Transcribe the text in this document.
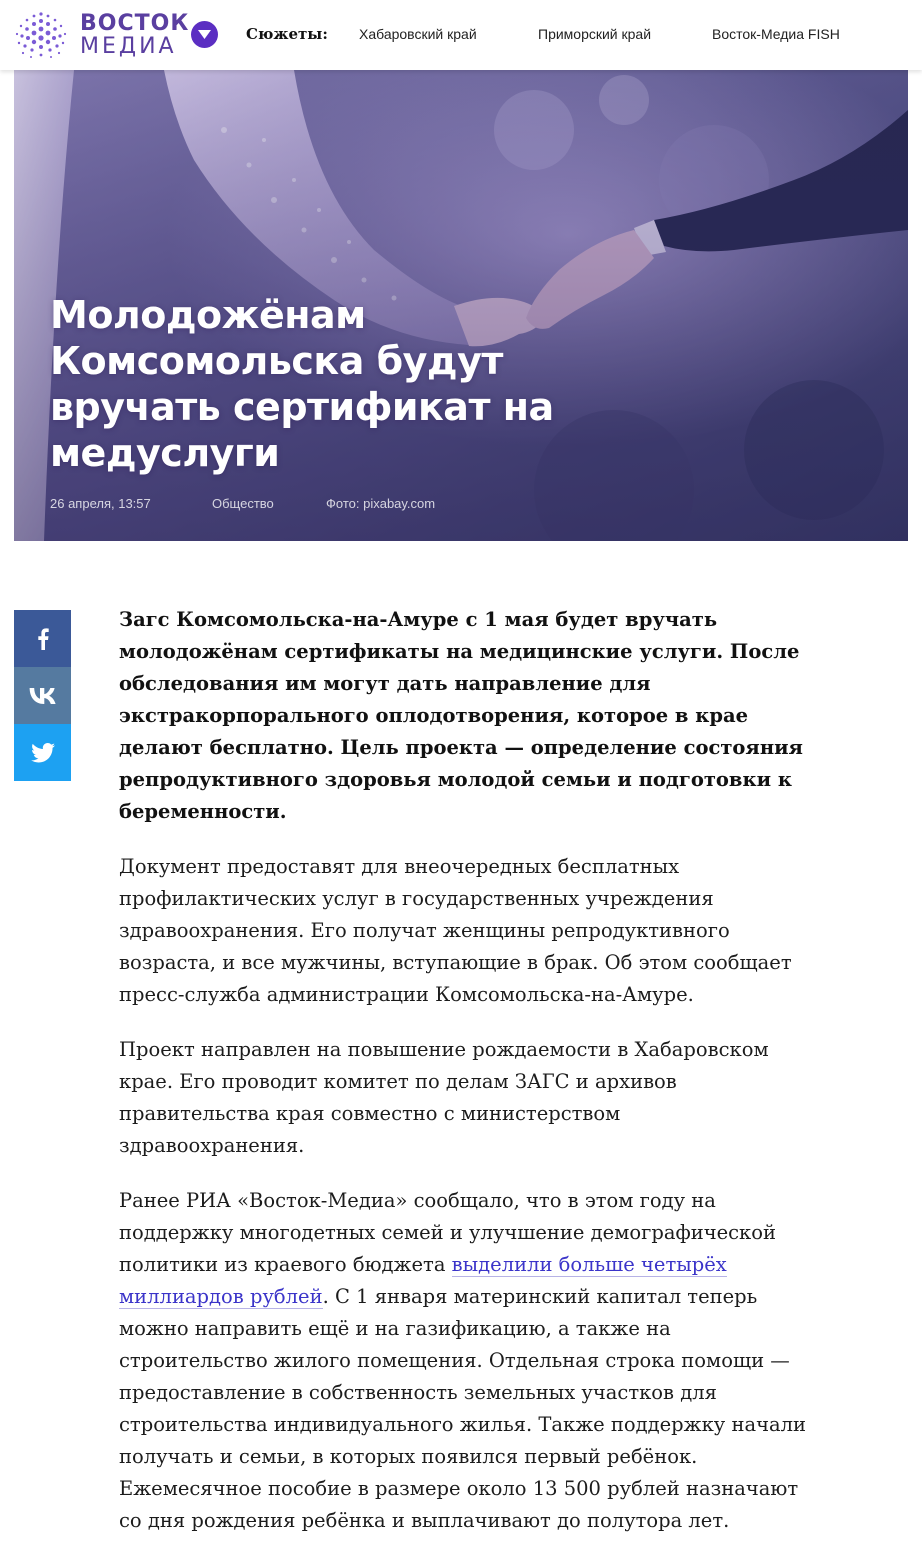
ВОСТОК
МЕДИА	Сюжеты: Хабаровский край	Приморский край	Восток-Медиа FISH
Молодожёнам Комсомольска будут вручать сертификат на медуслуги
26 апреля, 13:57	Общество	Фото: pixabay.com

Загс Комсомольска-на-Амуре с 1 мая будет вручать молодожёнам сертификаты на медицинские услуги. После обследования им могут дать направление для экстракорпорального оплодотворения, которое в крае делают бесплатно. Цель проекта — определение состояния репродуктивного здоровья молодой семьи и подготовки к беременности.

Документ предоставят для внеочередных бесплатных профилактических услуг в государственных учреждения здравоохранения. Его получат женщины репродуктивного возраста, и все мужчины, вступающие в брак. Об этом сообщает пресс-служба администрации Комсомольска-на-Амуре.

Проект направлен на повышение рождаемости в Хабаровском крае. Его проводит комитет по делам ЗАГС и архивов правительства края совместно с министерством здравоохранения.

Ранее РИА «Восток-Медиа» сообщало, что в этом году на поддержку многодетных семей и улучшение демографической политики из краевого бюджета выделили больше четырёх миллиардов рублей. С 1 января материнский капитал теперь можно направить ещё и на газификацию, а также на строительство жилого помещения. Отдельная строка помощи — предоставление в собственность земельных участков для строительства индивидуального жилья. Также поддержку начали получать и семьи, в которых появился первый ребёнок. Ежемесячное пособие в размере около 13 500 рублей назначают со дня рождения ребёнка и выплачивают до полутора лет.
